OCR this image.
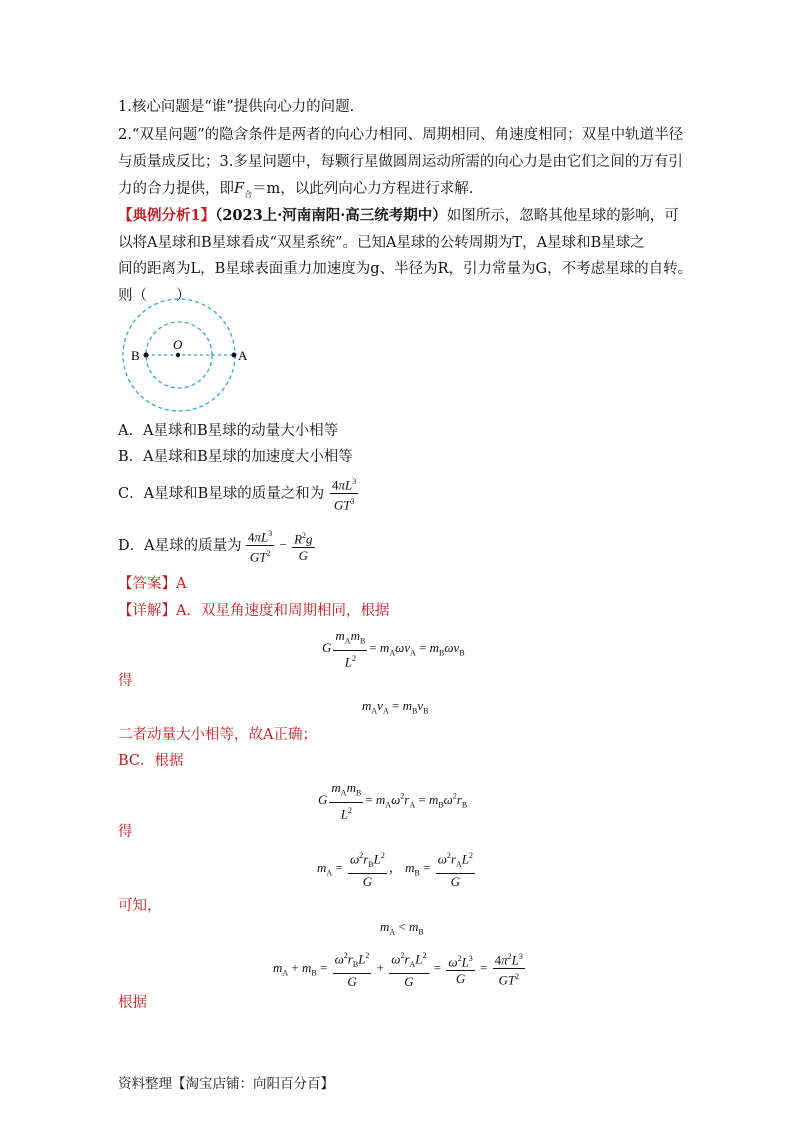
1.核心问题是“谁”提供向心力的问题.
2.“双星问题”的隐含条件是两者的向心力相同、周期相同、角速度相同；双星中轨道半径
与质量成反比；3.多星问题中，每颗行星做圆周运动所需的向心力是由它们之间的万有引
力的合力提供，即$F_合=m$，以此列向心力方程进行求解.
【典例分析1】（2023上·河南南阳·高三统考期中）如图所示，忽略其他星球的影响，可
以将A星球和B星球看成“双星系统”。已知A星球的公转周期为T，A星球和B星球之
间的距离为L，B星球表面重力加速度为g、半径为R，引力常量为G，不考虑星球的自转。
则（　　）
B
O
A
A．A星球和B星球的动量大小相等
B．A星球和B星球的加速度大小相等
C．A星球和B星球的质量之和为 $\frac{4\pi L^3}{GT^3}$
D．A星球的质量为 $\frac{4\pi L^3}{GT^2} - \frac{R^2g}{G}$
【答案】A
【详解】A．双星角速度和周期相同，根据
G $\frac{m_Am_B}{L^2} = m_A\omega v_A = m_B\omega v_B$
得
$m_Av_A = m_Bv_B$
二者动量大小相等，故A正确；
BC．根据
G $\frac{m_Am_B}{L^2} = m_A\omega^2r_A = m_B\omega^2r_B$
得
$m_A = \frac{\omega^2r_BL^2}{G}$ ， $m_B = \frac{\omega^2r_AL^2}{G}$
可知，
$m_A < m_B$
$m_A + m_B = \frac{\omega^2r_BL^2}{G} + \frac{\omega^2r_AL^2}{G} = \frac{\omega^2L^3}{G} = \frac{4\pi^2L^3}{GT^2}$
根据
资料整理【淘宝店铺：向阳百分百】
